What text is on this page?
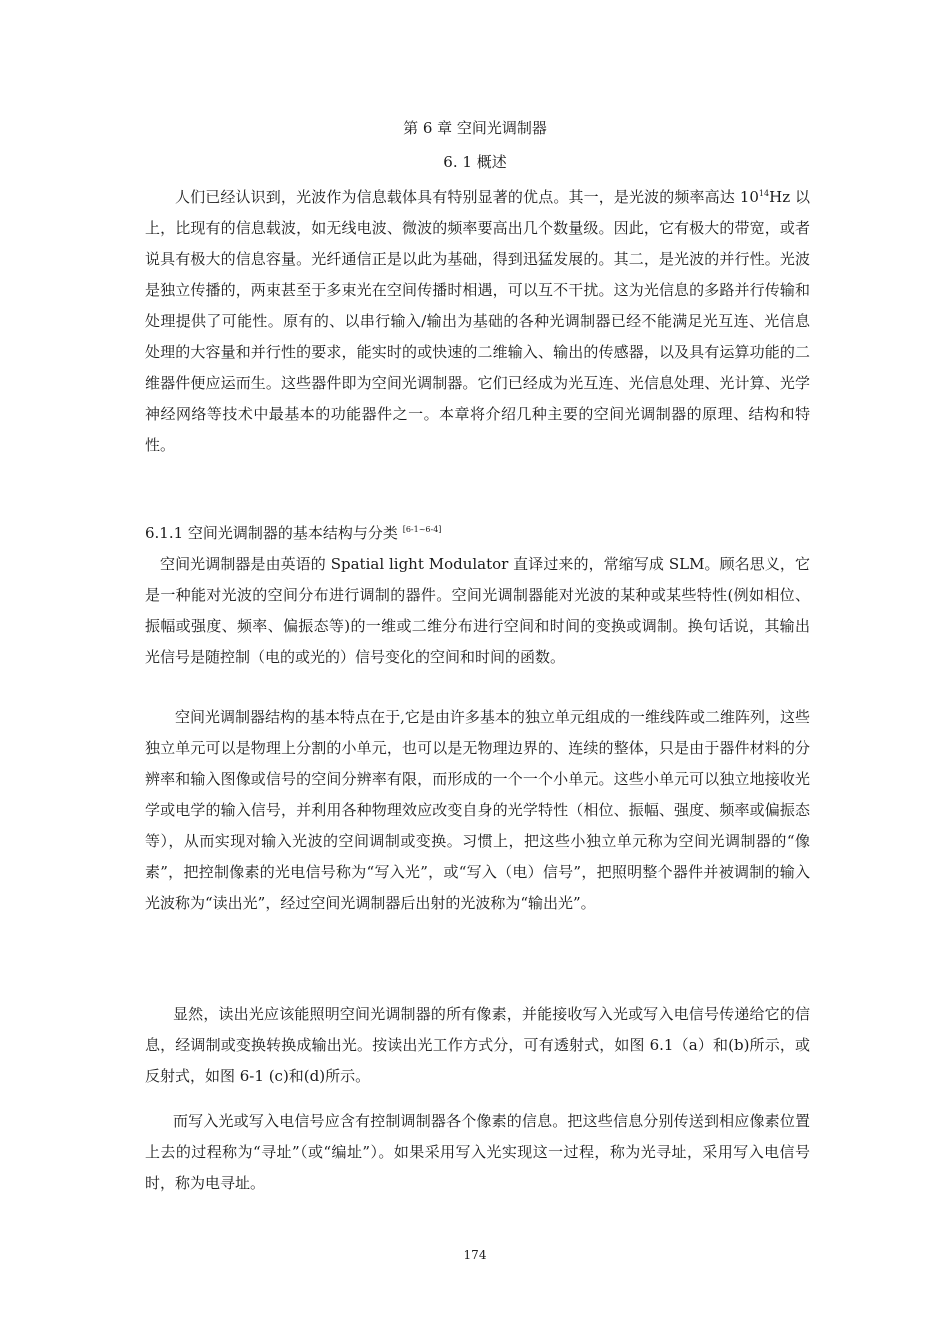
第 6 章 空间光调制器
6. 1 概述

人们已经认识到，光波作为信息载体具有特别显著的优点。其一，是光波的频率高达 $10^{14}Hz$ 以上，比现有的信息载波，如无线电波、微波的频率要高出几个数量级。因此，它有极大的带宽，或者说具有极大的信息容量。光纤通信正是以此为基础，得到迅猛发展的。其二，是光波的并行性。光波是独立传播的，两束甚至于多束光在空间传播时相遇，可以互不干扰。这为光信息的多路并行传输和处理提供了可能性。原有的、以串行输入/输出为基础的各种光调制器已经不能满足光互连、光信息处理的大容量和并行性的要求，能实时的或快速的二维输入、输出的传感器，以及具有运算功能的二维器件便应运而生。这些器件即为空间光调制器。它们已经成为光互连、光信息处理、光计算、光学神经网络等技术中最基本的功能器件之一。本章将介绍几种主要的空间光调制器的原理、结构和特性。

6.1.1 空间光调制器的基本结构与分类 [6-1~6-4]

空间光调制器是由英语的 Spatial light Modulator 直译过来的，常缩写成 SLM。顾名思义，它是一种能对光波的空间分布进行调制的器件。空间光调制器能对光波的某种或某些特性(例如相位、振幅或强度、频率、偏振态等)的一维或二维分布进行空间和时间的变换或调制。换句话说，其输出光信号是随控制（电的或光的）信号变化的空间和时间的函数。

空间光调制器结构的基本特点在于,它是由许多基本的独立单元组成的一维线阵或二维阵列，这些独立单元可以是物理上分割的小单元，也可以是无物理边界的、连续的整体，只是由于器件材料的分辨率和输入图像或信号的空间分辨率有限，而形成的一个一个小单元。这些小单元可以独立地接收光学或电学的输入信号，并利用各种物理效应改变自身的光学特性（相位、振幅、强度、频率或偏振态等），从而实现对输入光波的空间调制或变换。习惯上，把这些小独立单元称为空间光调制器的“像素”，把控制像素的光电信号称为“写入光”，或“写入（电）信号”，把照明整个器件并被调制的输入光波称为“读出光”，经过空间光调制器后出射的光波称为“输出光”。

显然，读出光应该能照明空间光调制器的所有像素，并能接收写入光或写入电信号传递给它的信息，经调制或变换转换成输出光。按读出光工作方式分，可有透射式，如图 6.1（a）和(b)所示，或反射式，如图 6-1 (c)和(d)所示。

而写入光或写入电信号应含有控制调制器各个像素的信息。把这些信息分别传送到相应像素位置上去的过程称为“寻址”（或“编址”）。如果采用写入光实现这一过程，称为光寻址，采用写入电信号时，称为电寻址。

174
